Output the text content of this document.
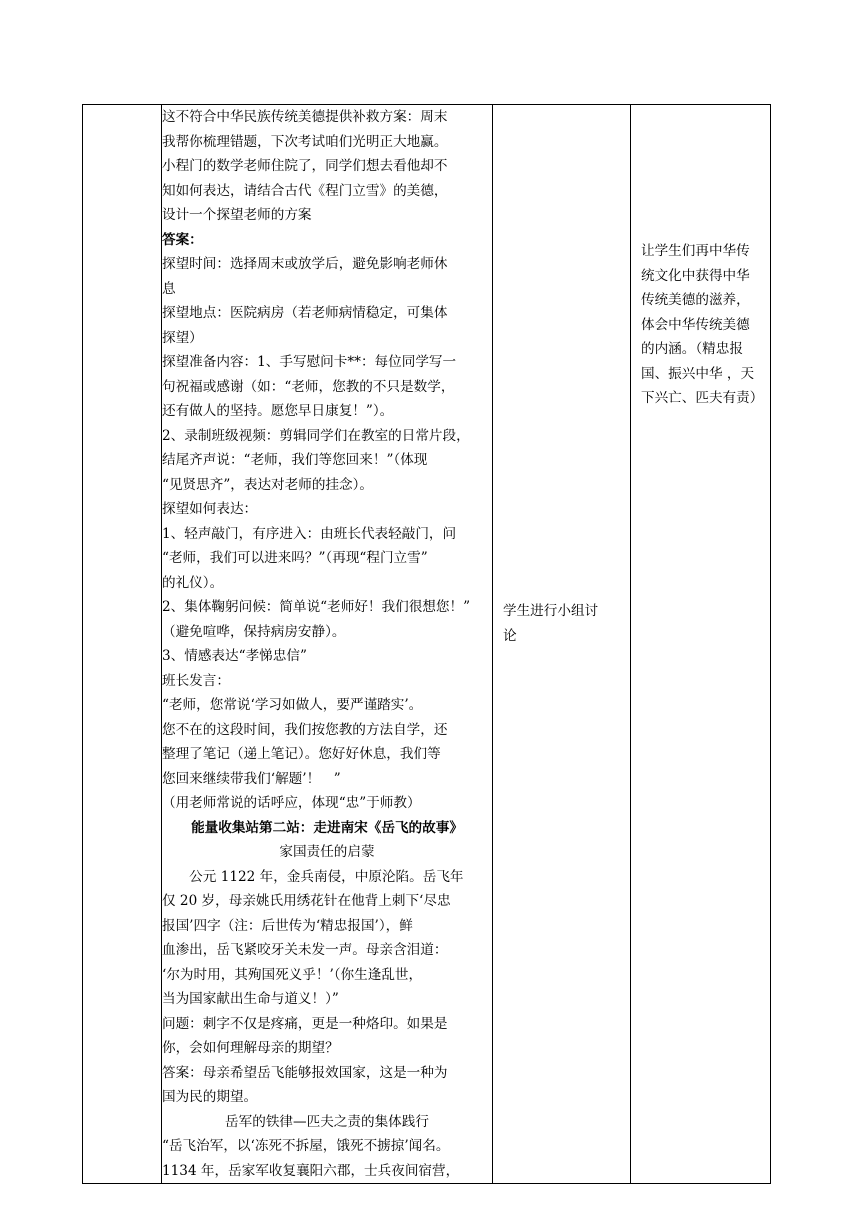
这不符合中华民族传统美德提供补救方案：周末
我帮你梳理错题，下次考试咱们光明正大地赢。
小程门的数学老师住院了，同学们想去看他却不
知如何表达，请结合古代《程门立雪》的美德，
设计一个探望老师的方案
答案：
探望时间：选择周末或放学后，避免影响老师休
息
探望地点：医院病房（若老师病情稳定，可集体
探望）
探望准备内容：1、手写慰问卡**：每位同学写一
句祝福或感谢（如：“老师，您教的不只是数学，
还有做人的坚持。愿您早日康复！”）。
2、录制班级视频：剪辑同学们在教室的日常片段，
结尾齐声说：“老师，我们等您回来！”（体现
“见贤思齐”，表达对老师的挂念）。
探望如何表达：
1、轻声敲门，有序进入：由班长代表轻敲门，问
“老师，我们可以进来吗？”（再现“程门立雪”
的礼仪）。
2、集体鞠躬问候：简单说“老师好！我们很想您！”
（避免喧哗，保持病房安静）。
3、情感表达“孝悌忠信”
班长发言：
“老师，您常说‘学习如做人，要严谨踏实’。
您不在的这段时间，我们按您教的方法自学，还
整理了笔记（递上笔记）。您好好休息，我们等
您回来继续带我们‘解题’！　”
（用老师常说的话呼应，体现“忠”于师教）
能量收集站第二站：走进南宋《岳飞的故事》
家国责任的启蒙
　　公元 1122 年，金兵南侵，中原沦陷。岳飞年
仅 20 岁，母亲姚氏用绣花针在他背上刺下‘尽忠
报国’四字（注：后世传为‘精忠报国’），鲜
血渗出，岳飞紧咬牙关未发一声。母亲含泪道：
‘尔为时用，其殉国死义乎！’（你生逢乱世，
当为国家献出生命与道义！）”
问题：刺字不仅是疼痛，更是一种烙印。如果是
你，会如何理解母亲的期望？
答案：母亲希望岳飞能够报效国家，这是一种为
国为民的期望。
岳军的铁律—匹夫之责的集体践行
“岳飞治军，以‘冻死不拆屋，饿死不掳掠’闻名。
1134 年，岳家军收复襄阳六郡，士兵夜间宿营，

学生进行小组讨
论

让学生们再中华传
统文化中获得中华
传统美德的滋养，
体会中华传统美德
的内涵。（精忠报
国、振兴中华 ，天
下兴亡、匹夫有责）
